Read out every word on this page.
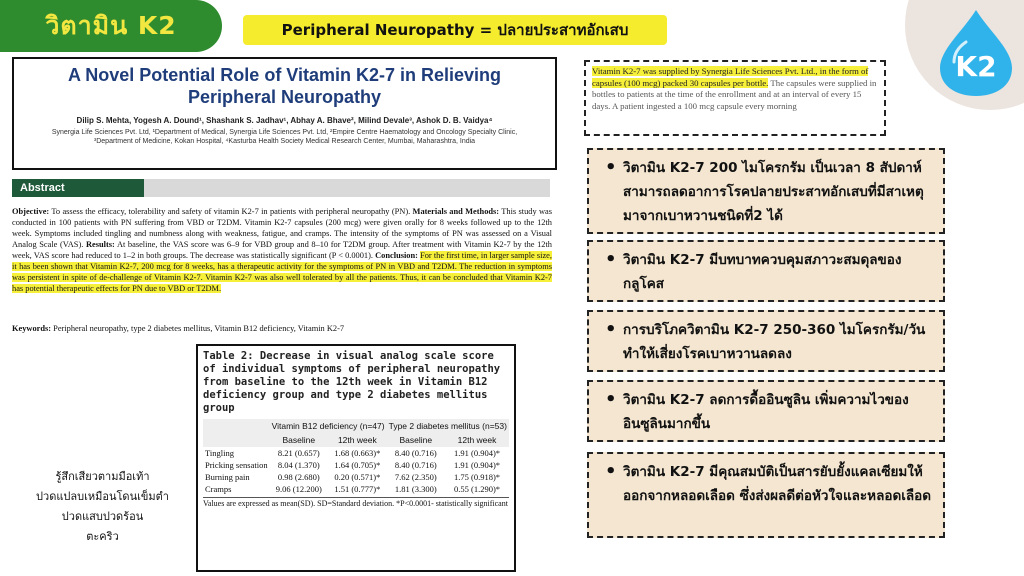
วิตามิน K2	Peripheral Neuropathy = ปลายประสาทอักเสบ
K2
A Novel Potential Role of Vitamin K2-7 in Relieving Peripheral Neuropathy
Dilip S. Mehta, Yogesh A. Dound¹, Shashank S. Jadhav¹, Abhay A. Bhave², Milind Devale³, Ashok D. B. Vaidya⁴
Synergia Life Sciences Pvt. Ltd, ¹Department of Medical, Synergia Life Sciences Pvt. Ltd, ²Empire Centre Haematology and Oncology Specialty Clinic,
³Department of Medicine, Kokan Hospital, ⁴Kasturba Health Society Medical Research Center, Mumbai, Maharashtra, India
Abstract
Objective: To assess the efficacy, tolerability and safety of vitamin K2-7 in patients with peripheral neuropathy (PN). Materials and Methods: This study was conducted in 100 patients with PN suffering from VBD or T2DM. Vitamin K2-7 capsules (200 mcg) were given orally for 8 weeks followed up to the 12th week. Symptoms included tingling and numbness along with weakness, fatigue, and cramps. The intensity of the symptoms of PN was assessed on a Visual Analog Scale (VAS). Results: At baseline, the VAS score was 6–9 for VBD group and 8–10 for T2DM group. After treatment with Vitamin K2-7 by the 12th week, VAS score had reduced to 1–2 in both groups. The decrease was statistically significant (P < 0.0001). Conclusion: For the first time, in larger sample size, it has been shown that Vitamin K2-7, 200 mcg for 8 weeks, has a therapeutic activity for the symptoms of PN in VBD and T2DM. The reduction in symptoms was persistent in spite of de-challenge of Vitamin K2-7. Vitamin K2-7 was also well tolerated by all the patients. Thus, it can be concluded that Vitamin K2-7 has potential therapeutic effects for PN due to VBD or T2DM.
Keywords: Peripheral neuropathy, type 2 diabetes mellitus, Vitamin B12 deficiency, Vitamin K2-7
Table 2: Decrease in visual analog scale score of individual symptoms of peripheral neuropathy from baseline to the 12th week in Vitamin B12 deficiency group and type 2 diabetes mellitus group
	Vitamin B12 deficiency (n=47)		Type 2 diabetes mellitus (n=53)	
	Baseline	12th week	Baseline	12th week
Tingling	8.21 (0.657)	1.68 (0.663)*	8.40 (0.716)	1.91 (0.904)*
Pricking sensation	8.04 (1.370)	1.64 (0.705)*	8.40 (0.716)	1.91 (0.904)*
Burning pain	0.98 (2.680)	0.20 (0.571)*	7.62 (2.350)	1.75 (0.918)*
Cramps	9.06 (12.200)	1.51 (0.777)*	1.81 (3.300)	0.55 (1.290)*
Values are expressed as mean(SD). SD=Standard deviation. *P<0.0001- statistically significant
รู้สึกเสียวตามมือเท้า
ปวดแปลบเหมือนโดนเข็มตำ
ปวดแสบปวดร้อน
ตะคริว
Vitamin K2-7 was supplied by Synergia Life Sciences Pvt. Ltd., in the form of capsules (100 mcg) packed 30 capsules per bottle. The capsules were supplied in bottles to patients at the time of the enrollment and at an interval of every 15 days. A patient ingested a 100 mcg capsule every morning
• วิตามิน K2-7 200 ไมโครกรัม เป็นเวลา 8 สัปดาห์ สามารถลดอาการโรคปลายประสาทอักเสบที่มีสาเหตุมาจากเบาหวานชนิดที่2 ได้
• วิตามิน K2-7 มีบทบาทควบคุมสภาวะสมดุลของกลูโคส
• การบริโภควิตามิน K2-7 250-360 ไมโครกรัม/วัน ทำให้เสี่ยงโรคเบาหวานลดลง
• วิตามิน K2-7 ลดการดื้ออินซูลิน เพิ่มความไวของอินซูลินมากขึ้น
• วิตามิน K2-7 มีคุณสมบัติเป็นสารยับยั้งแคลเซียมให้ออกจากหลอดเลือด ซึ่งส่งผลดีต่อหัวใจและหลอดเลือด
